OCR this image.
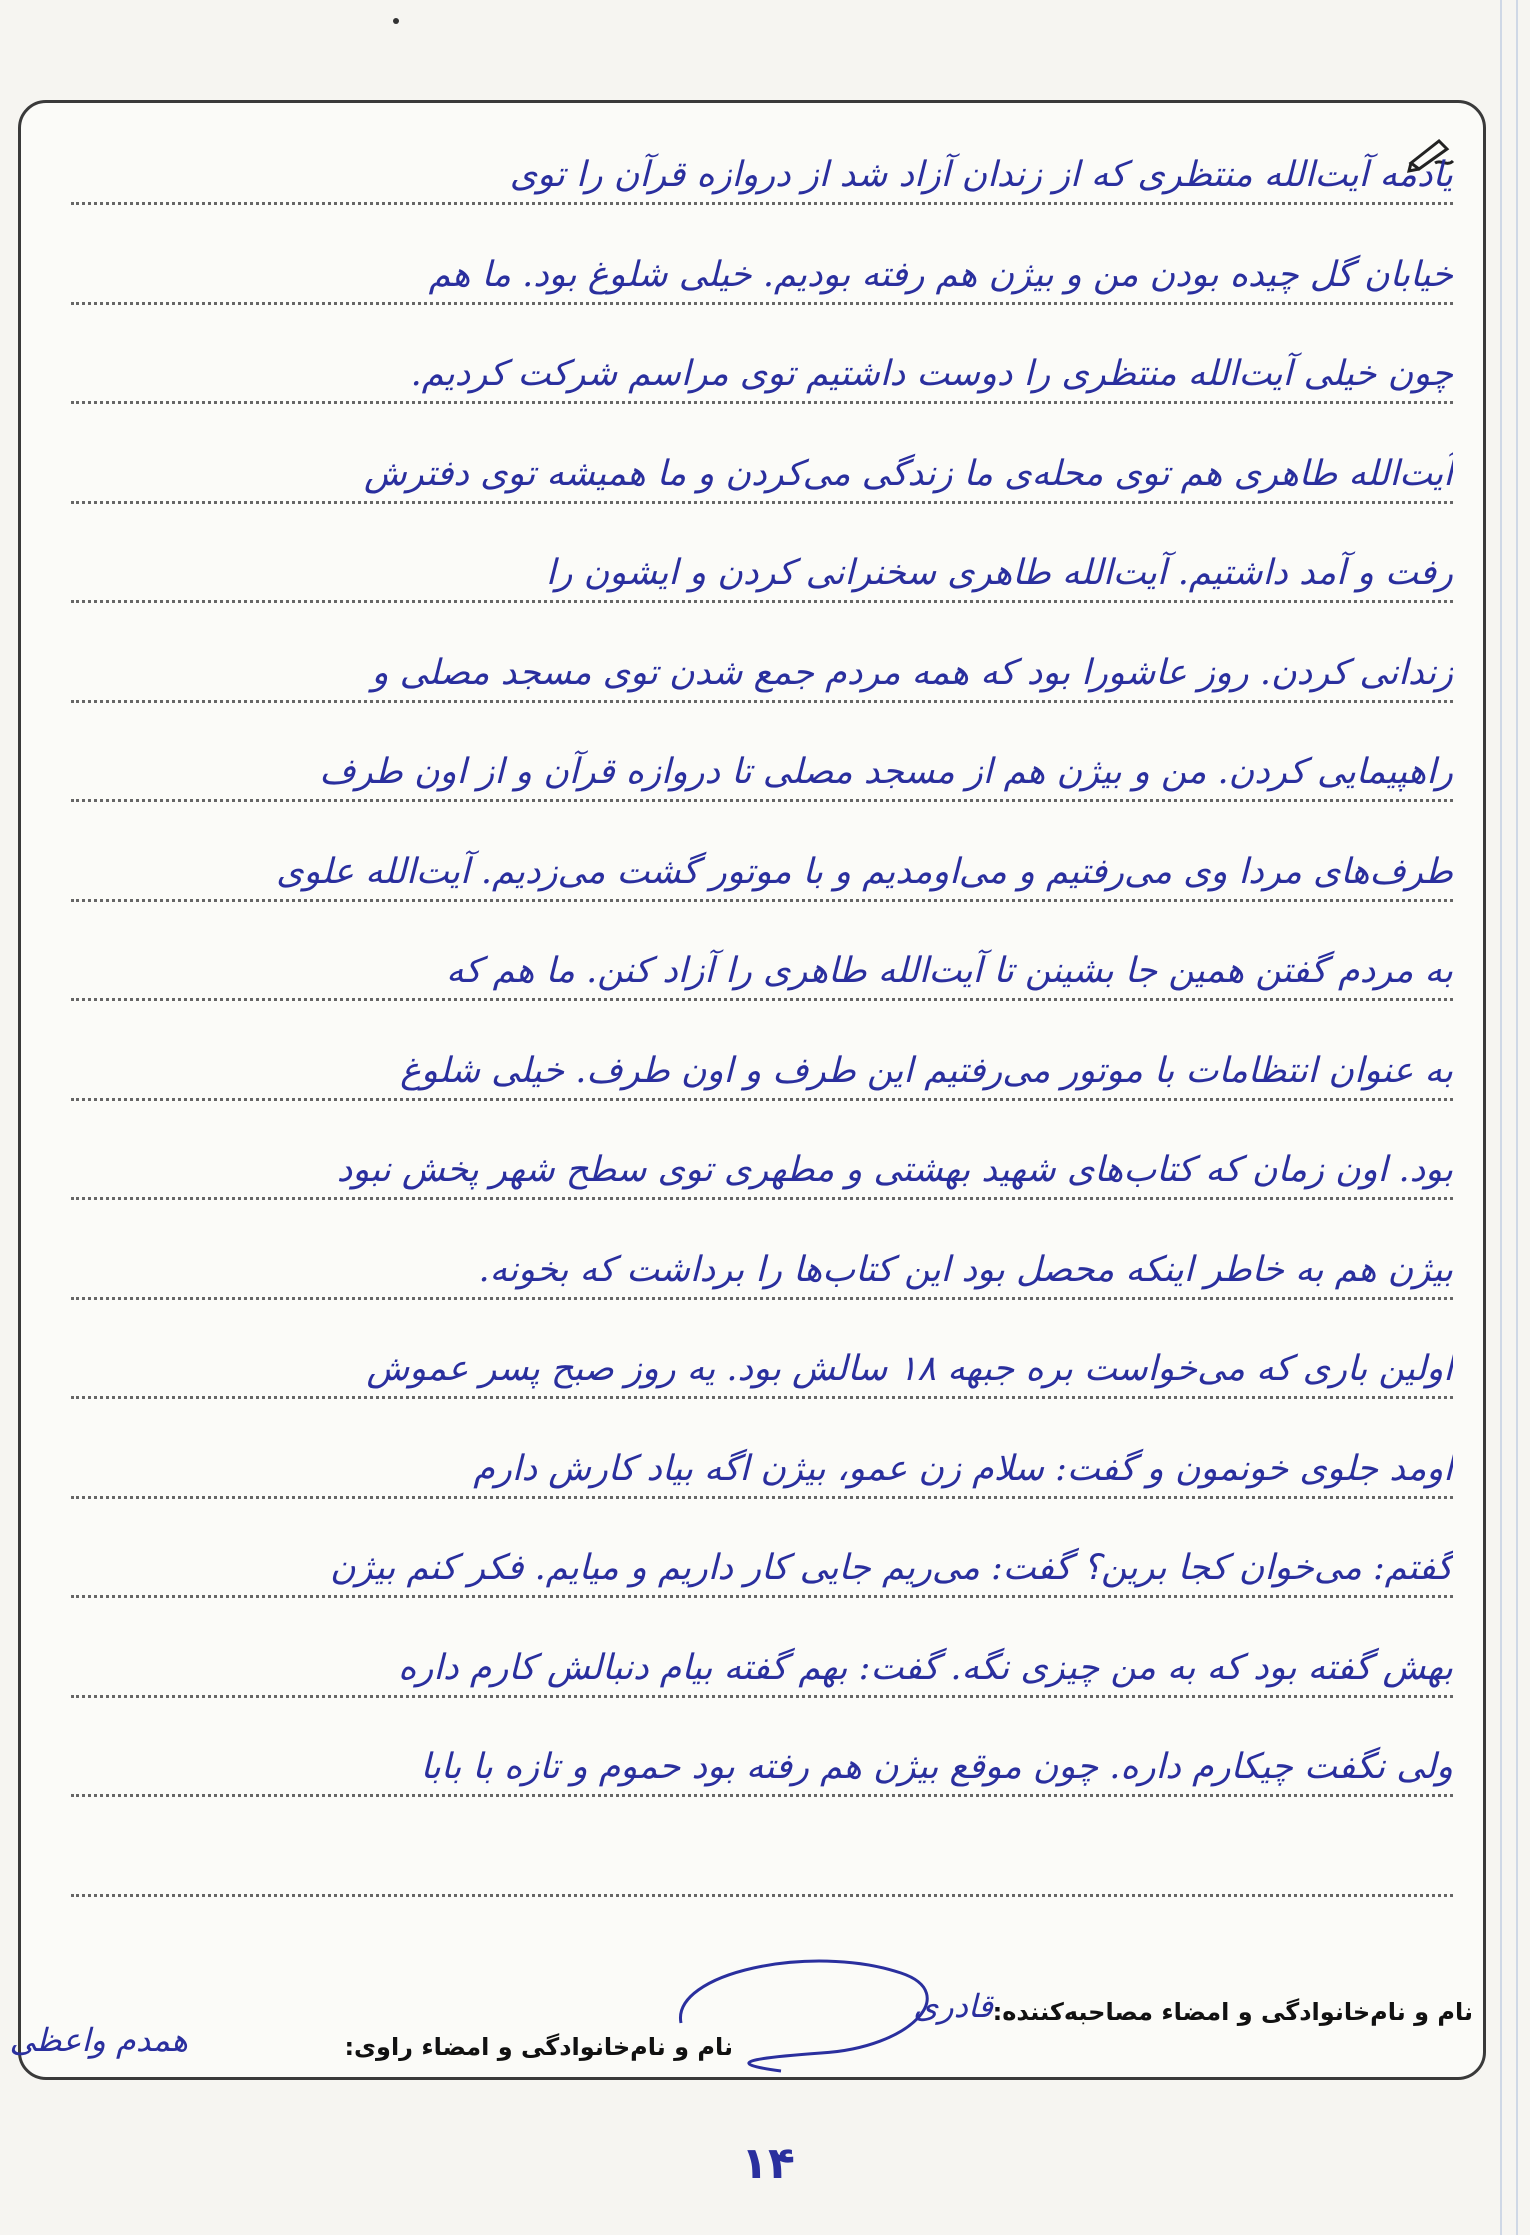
یادمه آیت‌الله منتظری که از زندان آزاد شد از دروازه قرآن را توی
خیابان گل چیده بودن من و بیژن هم رفته بودیم. خیلی شلوغ بود. ما هم
چون خیلی آیت‌الله منتظری را دوست داشتیم توی مراسم شرکت کردیم.
آیت‌الله طاهری هم توی محله‌ی ما زندگی می‌کردن و ما همیشه توی دفترش
رفت و آمد داشتیم. آیت‌الله طاهری سخنرانی کردن و ایشون را
زندانی کردن. روز عاشورا بود که همه مردم جمع شدن توی مسجد مصلی و
راهپیمایی کردن. من و بیژن هم از مسجد مصلی تا دروازه قرآن و از اون طرف
طرف‌های مردا وی می‌رفتیم و می‌اومدیم و با موتور گشت می‌زدیم. آیت‌الله علوی
به مردم گفتن همین جا بشینن تا آیت‌الله طاهری را آزاد کنن. ما هم که
به عنوان انتظامات با موتور می‌رفتیم این طرف و اون طرف. خیلی شلوغ
بود. اون زمان که کتاب‌های شهید بهشتی و مطهری توی سطح شهر پخش نبود
بیژن هم به خاطر اینکه محصل بود این کتاب‌ها را برداشت که بخونه.
اولین باری که می‌خواست بره جبهه ۱۸ سالش بود. یه روز صبح پسر عموش
اومد جلوی خونمون و گفت: سلام زن عمو، بیژن اگه بیاد کارش دارم
گفتم: می‌خوان کجا برین؟ گفت: می‌ریم جایی کار داریم و میایم. فکر کنم بیژن
بهش گفته بود که به من چیزی نگه. گفت: بهم گفته بیام دنبالش کارم داره
ولی نگفت چیکارم داره. چون موقع بیژن هم رفته بود حموم و تازه با بابا
نام و نام‌خانوادگی و امضاء مصاحبه‌کننده:
قادری
نام و نام‌خانوادگی و امضاء راوی:
همدم واعظی
۱۴
